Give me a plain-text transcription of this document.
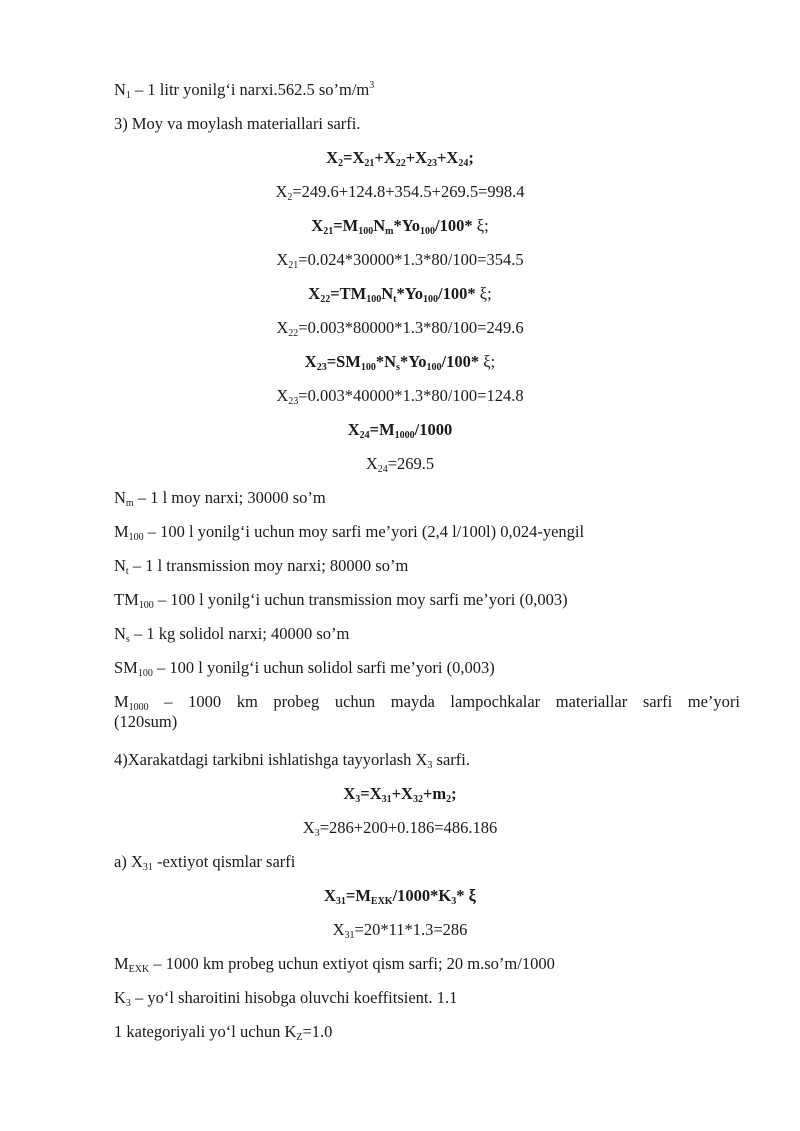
$N_1 - 1$ litr yonilg‘i narxi.562.5 $so’m/m^3$
3) Moy va moylash materiallari sarfi.
$X_2=X_{21}+X_{22}+X_{23}+X_{24}$;
$X_2=249.6+124.8+354.5+269.5=998.4$
$X_{21}=M_{100}N_m*Yo_{100}/100*$ ξ;
$X_{21}=0.024*30000*1.3*80/100=354.5$
$X_{22}=TM_{100}N_t*Yo_{100}/100*$ ξ;
$X_{22}=0.003*80000*1.3*80/100=249.6$
$X_{23}=SM_{100}*N_s*Yo_{100}/100*$ ξ;
$X_{23}=0.003*40000*1.3*80/100=124.8$
$X_{24}=M_{1000}/1000$
$X_{24}=269.5$
$N_m - 1$ l moy narxi; 30000 so’m
$M_{100} - 100$ l yonilg‘i uchun moy sarfi me’yori (2,4 l/100l) 0,024-yengil
$N_t - 1$ l transmission moy narxi; 80000 so’m
$TM_{100} - 100$ l yonilg‘i uchun transmission moy sarfi me’yori (0,003)
$N_s - 1$ kg solidol narxi; 40000 so’m
$SM_{100} - 100$ l yonilg‘i uchun solidol sarfi me’yori (0,003)
$M_{1000} - 1000$ km probeg uchun mayda lampochkalar materiallar sarfi me’yori (120sum)
4)Xarakatdagi tarkibni ishlatishga tayyorlash $X_3$ sarfi.
$X_3=X_{31}+X_{32}+m_2$;
$X_3=286+200+0.186=486.186$
a) $X_{31}$ -extiyot qismlar sarfi
$X_{31}=M_{EXK}/1000*K_3*$ ξ
$X_{31}=20*11*1.3=286$
$M_{EXK} - 1000$ km probeg uchun extiyot qism sarfi; 20 m.so’m/1000
$K_3$ – yo‘l sharoitini hisobga oluvchi koeffitsient. 1.1
1 kategoriyali yo‘l uchun $K_Z=1.0$
